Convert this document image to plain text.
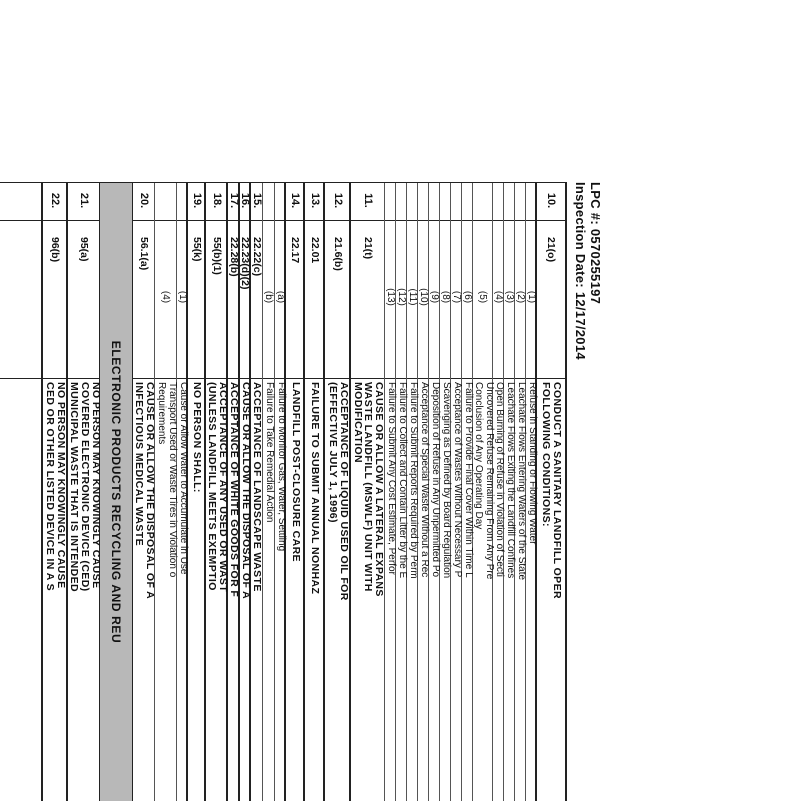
LPC #: 0570255197
Inspection Date: 12/17/2014
10.
21(o)
CONDUCT A SANITARY LANDFILL OPER
FOLLOWING CONDITIONS:
(1)
Refuse in Standing or Flowing Water
(2)
Leachate Flows Entering Waters of the State
(3)
Leachate Flows Exiting the Landfill Confines
(4)
Open Burning of Refuse in Violation of Secti
(5)
Uncovered Refuse Remaining From Any Pre
Conclusion of Any Operating Day
(6)
Failure to Provide Final Cover Within Time L
(7)
Acceptance of Wastes Without Necessary P
(8)
Scavenging as Defined by Board Regulation
(9)
Deposition of Refuse in Any Unpermitted Po
(10)
Acceptance of Special Waste Without a Rec
(11)
Failure to Submit Reports Required by Perm
(12)
Failure to Collect and Contain Litter by the E
(13)
Failure to Submit Any Cost Estimate, Perfor
11.
21(t)
CAUSE OR ALLOW A LATERAL EXPANS
WASTE LANDFILL (MSWLF) UNIT WITH
MODIFICATION
12.
21.6(b)
ACCEPTANCE OF LIQUID USED OIL FOR
(EFFECTIVE JULY 1, 1996)
13.
22.01
FAILURE TO SUBMIT ANNUAL NONHAZ
14.
22.17
LANDFILL POST-CLOSURE CARE
(a)
Failure to Monitor Gas, Water, Settling
(b)
Failure to Take Remedial Action
15.
22.22(c)
ACCEPTANCE OF LANDSCAPE WASTE
16.
22.23(d)(2)
CAUSE OR ALLOW THE DISPOSAL OF A
17.
22.28(b)
ACCEPTANCE OF WHITE GOODS FOR F
18.
55(b)(1)
ACCEPTANCE OF ANY USED OR WAST
(UNLESS LANDFILL MEETS EXEMPTIO
19.
55(k)
NO PERSON SHALL:
(1)
Cause or Allow Water to Accumulate in Use
(4)
Transport Used or Waste Tires in Violation o
Requirements
20.
56.1(a)
CAUSE OR ALLOW THE DISPOSAL OF A
INFECTIOUS MEDICAL WASTE
ELECTRONIC PRODUCTS RECYCLING AND REU
21.
95(a)
NO PERSON MAY KNOWINGLY CAUSE
COVERED ELECTRONIC DEVICE (CED)
MUNICIPAL WASTE THAT IS INTENDED
22.
96(b)
NO PERSON MAY KNOWINGLY CAUSE
CED OR OTHER LISTED DEVICE IN A S
